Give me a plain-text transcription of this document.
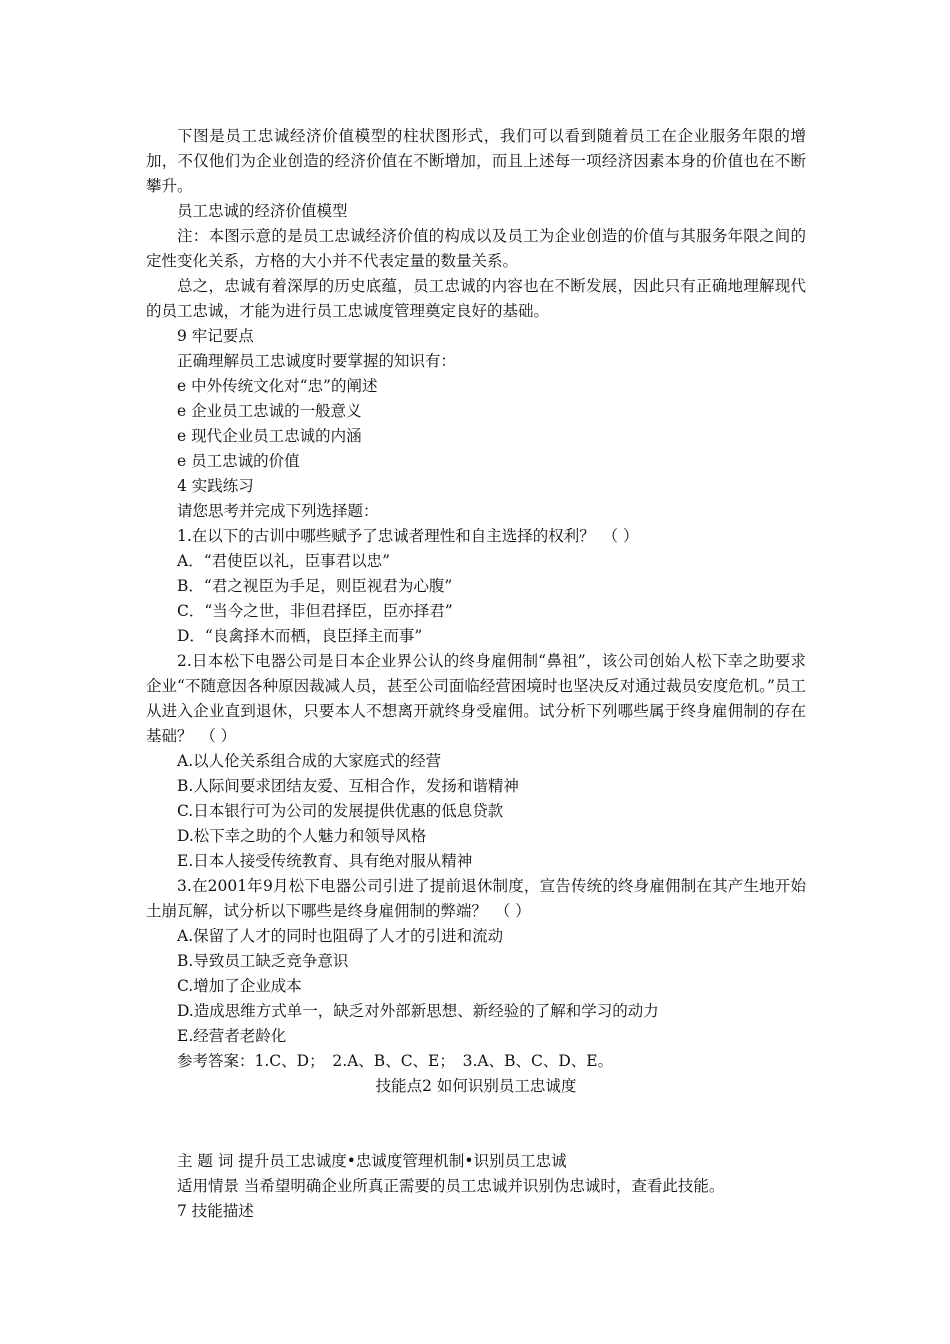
下图是员工忠诚经济价值模型的柱状图形式，我们可以看到随着员工在企业服务年限的增加，不仅他们为企业创造的经济价值在不断增加，而且上述每一项经济因素本身的价值也在不断攀升。

员工忠诚的经济价值模型

注：本图示意的是员工忠诚经济价值的构成以及员工为企业创造的价值与其服务年限之间的定性变化关系，方格的大小并不代表定量的数量关系。

总之，忠诚有着深厚的历史底蕴，员工忠诚的内容也在不断发展，因此只有正确地理解现代的员工忠诚，才能为进行员工忠诚度管理奠定良好的基础。

9 牢记要点

正确理解员工忠诚度时要掌握的知识有：

e 中外传统文化对“忠”的阐述

e 企业员工忠诚的一般意义

e 现代企业员工忠诚的内涵

e 员工忠诚的价值

4 实践练习

请您思考并完成下列选择题：

1.在以下的古训中哪些赋予了忠诚者理性和自主选择的权利？　（ ）

A．“君使臣以礼，臣事君以忠”

B．“君之视臣为手足，则臣视君为心腹”

C．“当今之世，非但君择臣，臣亦择君”

D．“良禽择木而栖，良臣择主而事”

2.日本松下电器公司是日本企业界公认的终身雇佣制“鼻祖”，该公司创始人松下幸之助要求企业“不随意因各种原因裁减人员，甚至公司面临经营困境时也坚决反对通过裁员安度危机。”员工从进入企业直到退休，只要本人不想离开就终身受雇佣。试分析下列哪些属于终身雇佣制的存在基础？　（ ）

A.以人伦关系组合成的大家庭式的经营

B.人际间要求团结友爱、互相合作，发扬和谐精神

C.日本银行可为公司的发展提供优惠的低息贷款

D.松下幸之助的个人魅力和领导风格

E.日本人接受传统教育、具有绝对服从精神

3.在2001年9月松下电器公司引进了提前退休制度，宣告传统的终身雇佣制在其产生地开始土崩瓦解，试分析以下哪些是终身雇佣制的弊端？　（ ）

A.保留了人才的同时也阻碍了人才的引进和流动

B.导致员工缺乏竞争意识

C.增加了企业成本

D.造成思维方式单一，缺乏对外部新思想、新经验的了解和学习的动力

E.经营者老龄化

参考答案：1.C、D；　2.A、B、C、E；　3.A、B、C、D、E。

技能点2 如何识别员工忠诚度

主 题 词 提升员工忠诚度•忠诚度管理机制•识别员工忠诚

适用情景 当希望明确企业所真正需要的员工忠诚并识别伪忠诚时，查看此技能。

7 技能描述
